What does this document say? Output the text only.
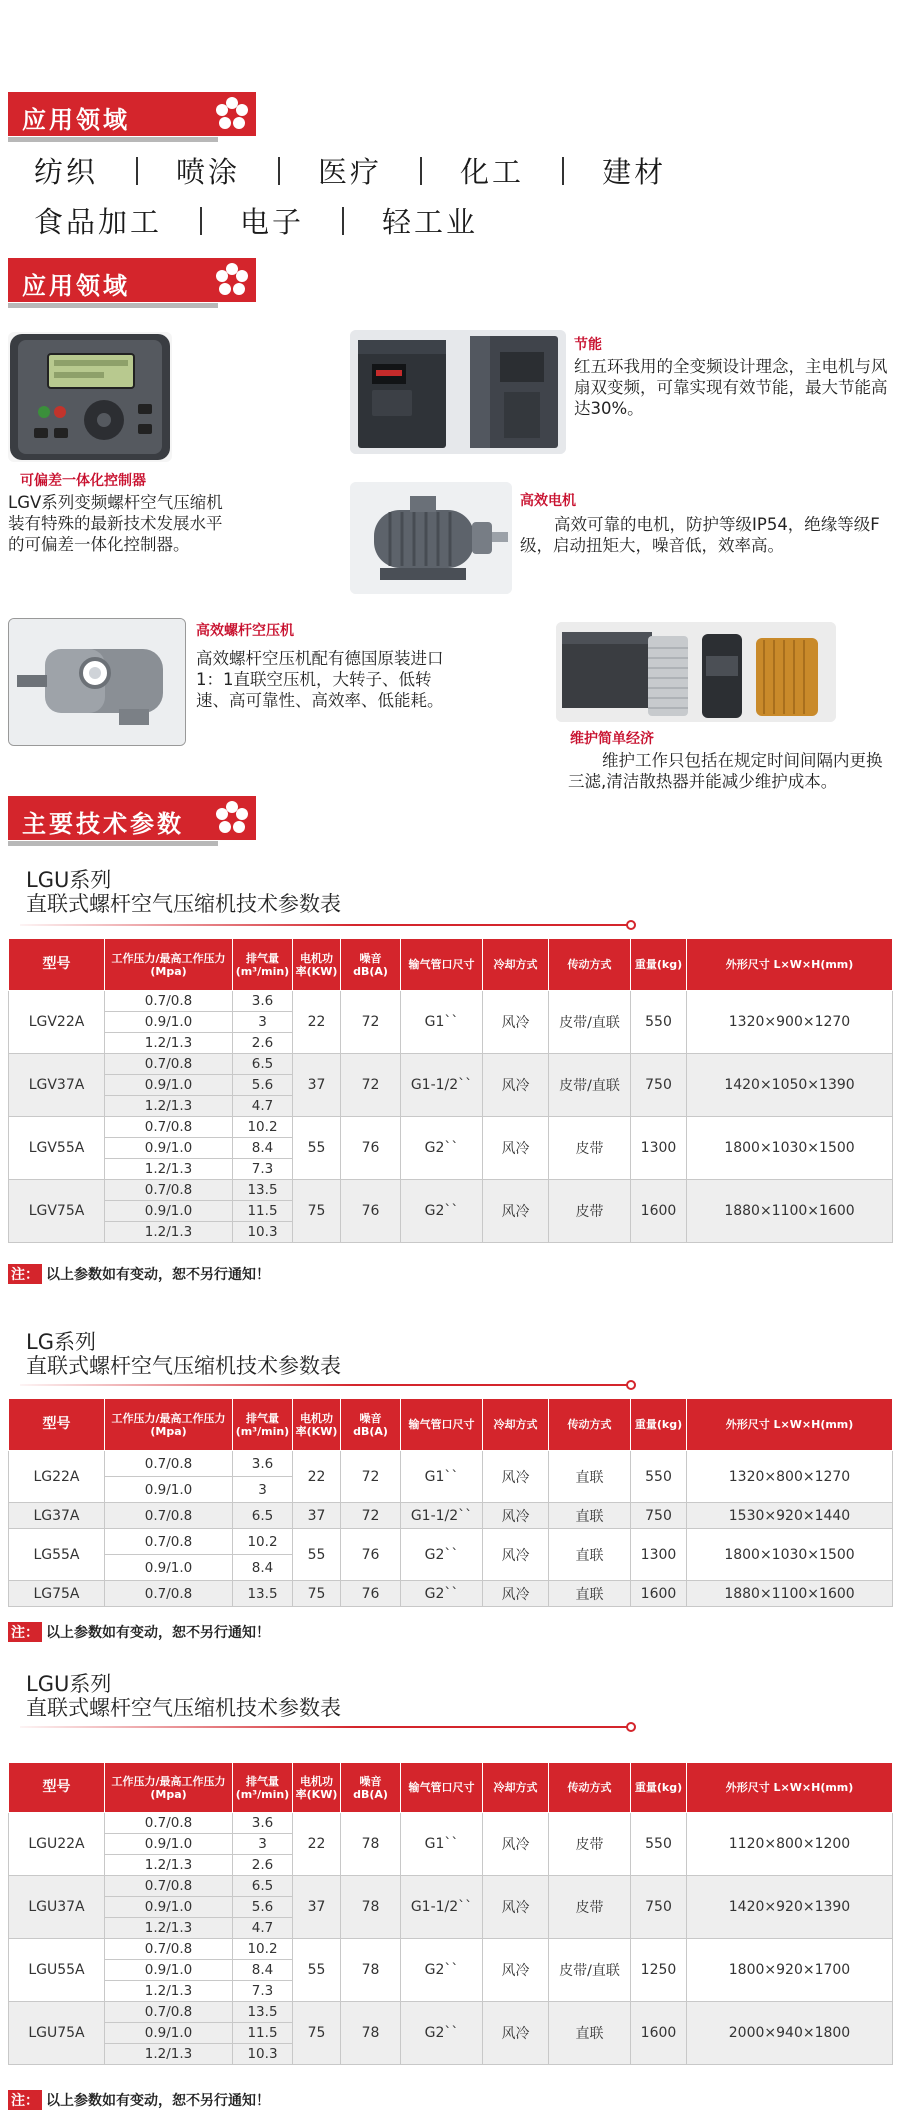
应用领域
纺织	喷涂	医疗	化工	建材
食品加工	电子	轻工业
应用领域
可偏差一体化控制器
LGV系列变频螺杆空气压缩机装有特殊的最新技术发展水平的可偏差一体化控制器。
节能
红五环我用的全变频设计理念，主电机与风扇双变频，可靠实现有效节能，最大节能高达30%。
高效电机
高效可靠的电机，防护等级IP54，绝缘等级F级，启动扭矩大，噪音低，效率高。
高效螺杆空压机
高效螺杆空压机配有德国原装进口1：1直联空压机，大转子、低转速、高可靠性、高效率、低能耗。
维护简单经济
维护工作只包括在规定时间间隔内更换三滤,清洁散热器并能减少维护成本。
主要技术参数
LGU系列
直联式螺杆空气压缩机技术参数表
型号	工作压力/最高工作压力(Mpa)	排气量(m³/min)	电机功率(KW)	噪音dB(A)	输气管口尺寸	冷却方式	传动方式	重量(kg)	外形尺寸 L×W×H(mm)
LGV22A	0.7/0.8	3.6	22	72	G1``	风冷	皮带/直联	550	1320×900×1270
	0.9/1.0	3							
	1.2/1.3	2.6							
LGV37A	0.7/0.8	6.5	37	72	G1-1/2``	风冷	皮带/直联	750	1420×1050×1390
	0.9/1.0	5.6							
	1.2/1.3	4.7							
LGV55A	0.7/0.8	10.2	55	76	G2``	风冷	皮带	1300	1800×1030×1500
	0.9/1.0	8.4							
	1.2/1.3	7.3							
LGV75A	0.7/0.8	13.5	75	76	G2``	风冷	皮带	1600	1880×1100×1600
	0.9/1.0	11.5							
	1.2/1.3	10.3							
注： 以上参数如有变动，恕不另行通知！
LG系列
直联式螺杆空气压缩机技术参数表
型号	工作压力/最高工作压力(Mpa)	排气量(m³/min)	电机功率(KW)	噪音dB(A)	输气管口尺寸	冷却方式	传动方式	重量(kg)	外形尺寸 L×W×H(mm)
LG22A	0.7/0.8	3.6	22	72	G1``	风冷	直联	550	1320×800×1270
	0.9/1.0	3							
LG37A	0.7/0.8	6.5	37	72	G1-1/2``	风冷	直联	750	1530×920×1440
LG55A	0.7/0.8	10.2	55	76	G2``	风冷	直联	1300	1800×1030×1500
	0.9/1.0	8.4							
LG75A	0.7/0.8	13.5	75	76	G2``	风冷	直联	1600	1880×1100×1600
注： 以上参数如有变动，恕不另行通知！
LGU系列
直联式螺杆空气压缩机技术参数表
型号	工作压力/最高工作压力(Mpa)	排气量(m³/min)	电机功率(KW)	噪音dB(A)	输气管口尺寸	冷却方式	传动方式	重量(kg)	外形尺寸 L×W×H(mm)
LGU22A	0.7/0.8	3.6	22	78	G1``	风冷	皮带	550	1120×800×1200
	0.9/1.0	3							
	1.2/1.3	2.6							
LGU37A	0.7/0.8	6.5	37	78	G1-1/2``	风冷	皮带	750	1420×920×1390
	0.9/1.0	5.6							
	1.2/1.3	4.7							
LGU55A	0.7/0.8	10.2	55	78	G2``	风冷	皮带/直联	1250	1800×920×1700
	0.9/1.0	8.4							
	1.2/1.3	7.3							
LGU75A	0.7/0.8	13.5	75	78	G2``	风冷	直联	1600	2000×940×1800
	0.9/1.0	11.5							
	1.2/1.3	10.3							
注： 以上参数如有变动，恕不另行通知！
